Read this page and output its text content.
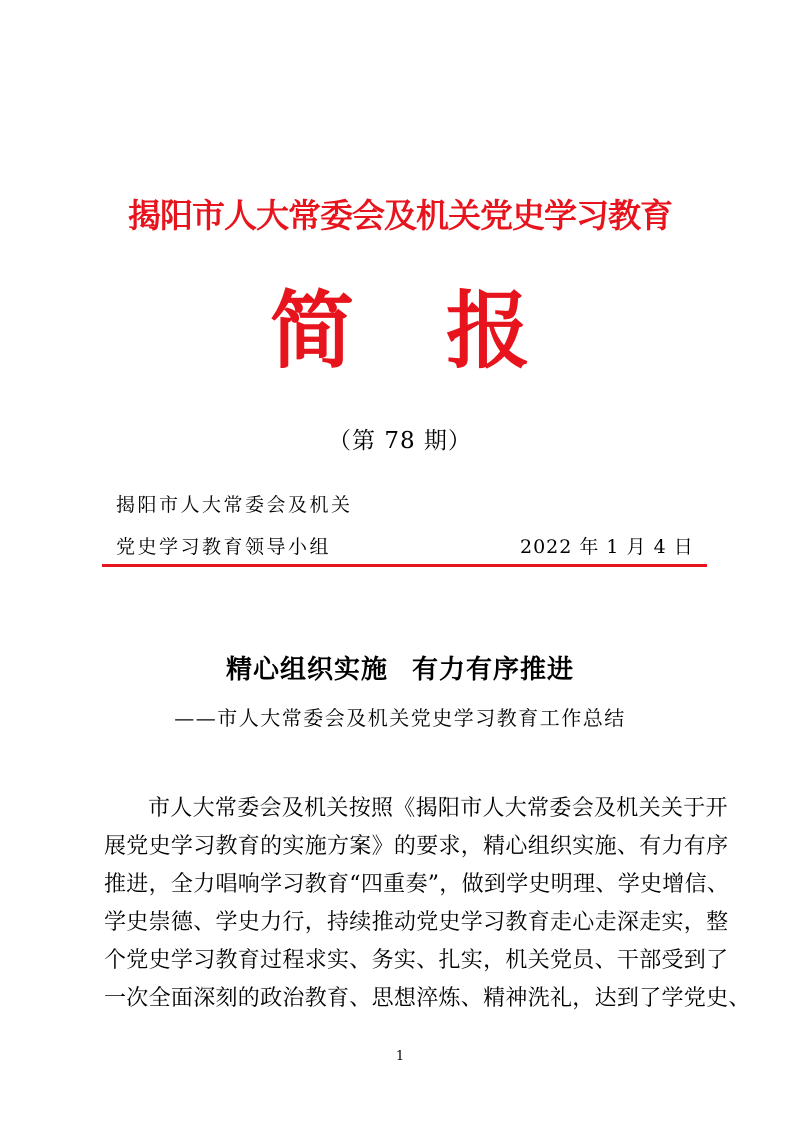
揭阳市人大常委会及机关党史学习教育
简 报
（第 78 期）
揭阳市人大常委会及机关
党史学习教育领导小组	2022 年 1 月 4 日
精心组织实施 有力有序推进
——市人大常委会及机关党史学习教育工作总结
市人大常委会及机关按照《揭阳市人大常委会及机关关于开
展党史学习教育的实施方案》的要求，精心组织实施、有力有序
推进，全力唱响学习教育“四重奏”，做到学史明理、学史增信、
学史崇德、学史力行，持续推动党史学习教育走心走深走实，整
个党史学习教育过程求实、务实、扎实，机关党员、干部受到了
一次全面深刻的政治教育、思想淬炼、精神洗礼，达到了学党史、
1
